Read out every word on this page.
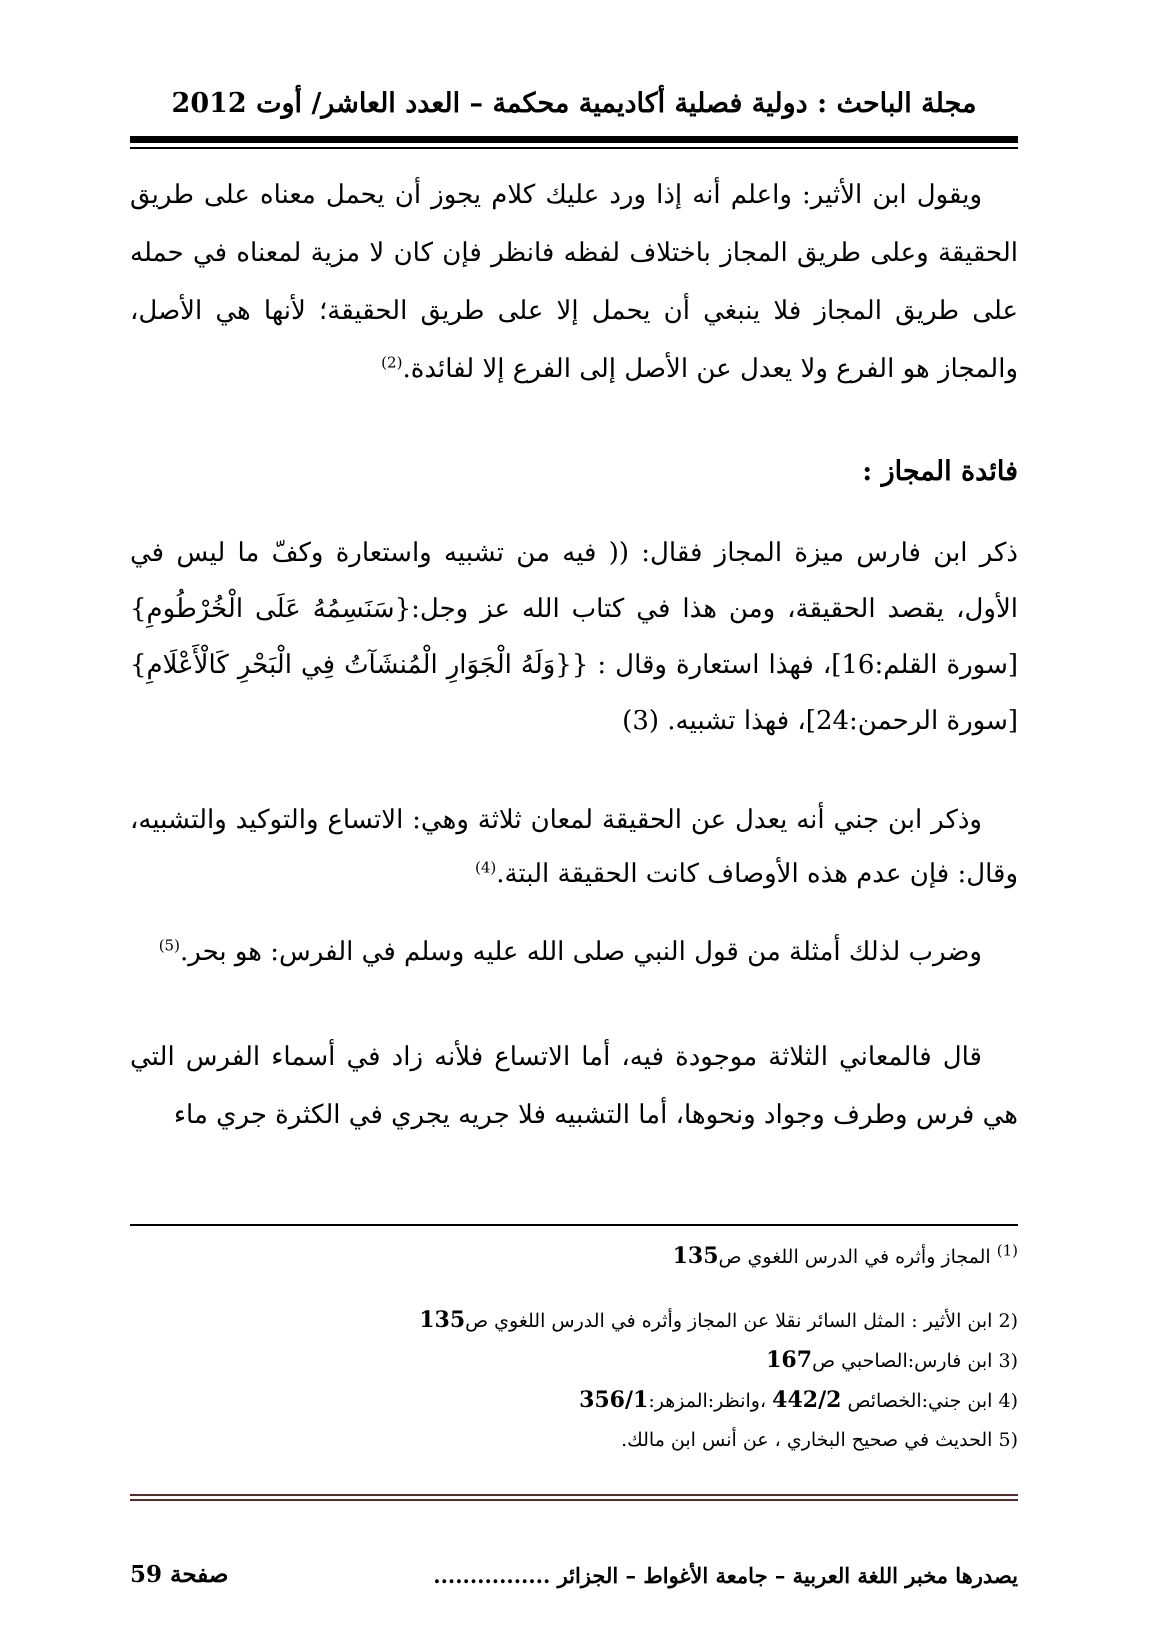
مجلة الباحث : دولية فصلية أكاديمية محكمة – العدد العاشر/ أوت 2012

ويقول ابن الأثير: واعلم أنه إذا ورد عليك كلام يجوز أن يحمل معناه على طريق الحقيقة وعلى طريق المجاز باختلاف لفظه فانظر فإن كان لا مزية لمعناه في حمله على طريق المجاز فلا ينبغي أن يحمل إلا على طريق الحقيقة؛ لأنها هي الأصل، والمجاز هو الفرع ولا يعدل عن الأصل إلى الفرع إلا لفائدة.$^{(2)}$

فائدة المجاز :

ذكر ابن فارس ميزة المجاز فقال: (( فيه من تشبيه واستعارة وكفّ ما ليس في الأول، يقصد الحقيقة، ومن هذا في كتاب الله عز وجل:{سَنَسِمُهُ عَلَى الْخُرْطُومِ}[سورة القلم:16]، فهذا استعارة وقال : {{وَلَهُ الْجَوَارِ الْمُنشَآتُ فِي الْبَحْرِ كَالْأَعْلَامِ} [سورة الرحمن:24]، فهذا تشبيه. (3)

وذكر ابن جني أنه يعدل عن الحقيقة لمعان ثلاثة وهي: الاتساع والتوكيد والتشبيه، وقال: فإن عدم هذه الأوصاف كانت الحقيقة البتة.$^{(4)}$

وضرب لذلك أمثلة من قول النبي صلى الله عليه وسلم في الفرس: هو بحر.$^{(5)}$

قال فالمعاني الثلاثة موجودة فيه، أما الاتساع فلأنه زاد في أسماء الفرس التي هي فرس وطرف وجواد ونحوها، أما التشبيه فلا جريه يجري في الكثرة جري ماء

$^{(1)}$ المجاز وأثره في الدرس اللغوي ص135

(2 ابن الأثير : المثل السائر نقلا عن المجاز وأثره في الدرس اللغوي ص135

(3 ابن فارس:الصاحبي ص167

(4 ابن جني:الخصائص 442/2 ،وانظر:المزهر:356/1

(5 الحديث في صحيح البخاري ، عن أنس ابن مالك.

يصدرها مخبر اللغة العربية – جامعة الأغواط – الجزائر ................
صفحة 59
